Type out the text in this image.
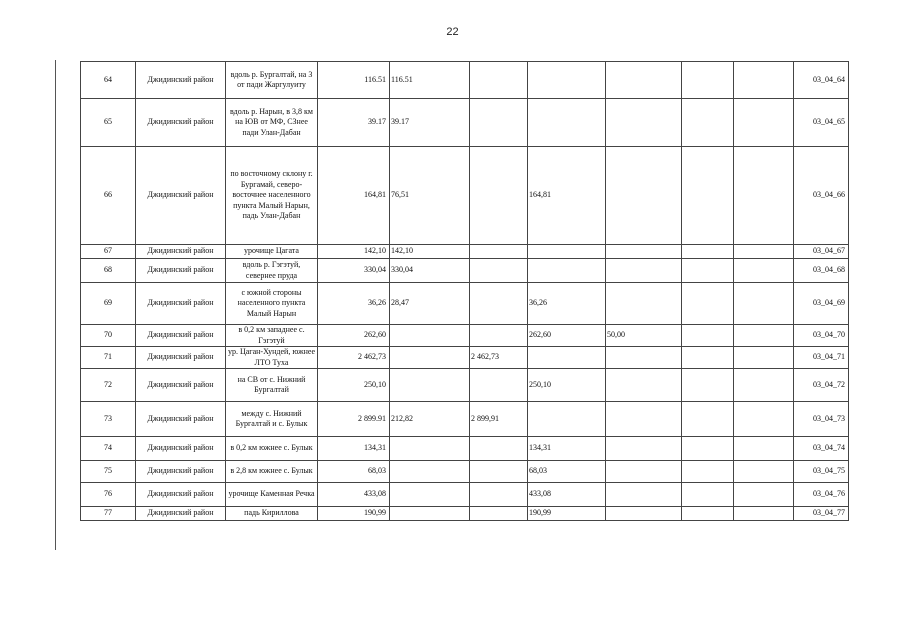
22
64	Джидинский район	вдоль р. Бургалтай, на 3 от пади Жаргулуиту	116.51	116.51						03_04_64
65	Джидинский район	вдоль р. Нарын, в 3,8 км на ЮВ от МФ, СЗнее пади Улан-Дабан	39.17	39.17						03_04_65
66	Джидинский район	по восточному склону г. Бургамай, северо-восточнее населенного пункта Малый Нарын, падь Улан-Дабан	164,81	76,51		164,81				03_04_66
67	Джидинский район	урочище Цагата	142,10	142,10						03_04_67
68	Джидинский район	вдоль р. Гэгэтуй, севернее пруда	330,04	330,04						03_04_68
69	Джидинский район	с южной стороны населенного пункта Малый Нарын	36,26	28,47		36,26				03_04_69
70	Джидинский район	в 0,2 км западнее с. Гэгэтуй	262,60			262,60	50,00			03_04_70
71	Джидинский район	ур. Цаган-Хундей, южнее ЛТО Туха	2 462,73		2 462,73					03_04_71
72	Джидинский район	на СВ от с. Нижний Бургалтай	250,10			250,10				03_04_72
73	Джидинский район	между с. Нижний Бургалтай и с. Булык	2 899.91	212,82	2 899,91					03_04_73
74	Джидинский район	в 0,2 км южнее с. Булык	134,31			134,31				03_04_74
75	Джидинский район	в 2,8 км южнее с. Булык	68,03			68,03				03_04_75
76	Джидинский район	урочище Каменная Речка	433,08			433,08				03_04_76
77	Джидинский район	падь Кириллова	190,99			190,99				03_04_77
